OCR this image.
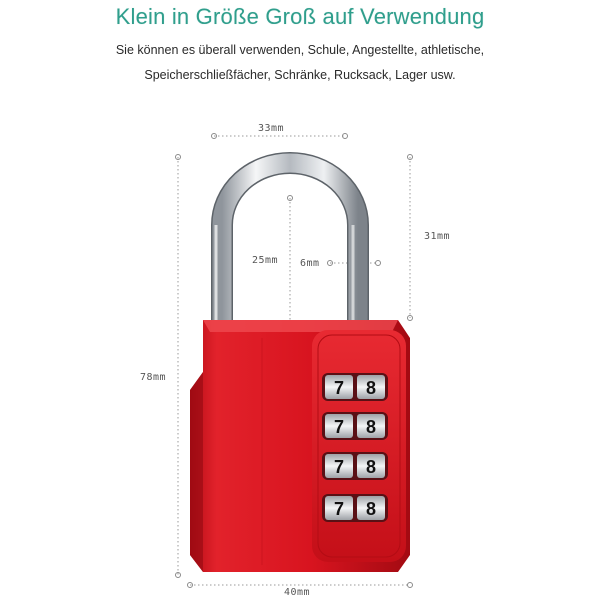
Klein in Größe Groß auf Verwendung
Sie können es überall verwenden, Schule, Angestellte, athletische,
Speicherschließfächer, Schränke, Rucksack, Lager usw.
7 8
7 8
7 8
7 8
33mm
31mm
25mm 6mm
78mm
40mm
